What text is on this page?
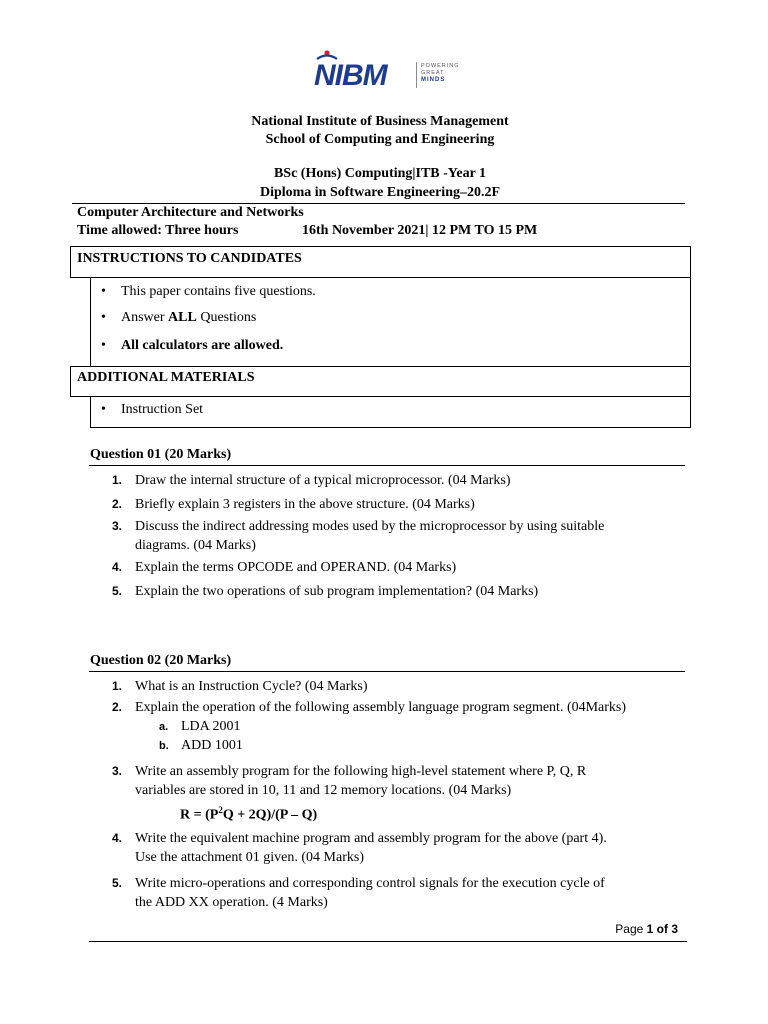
NIBM	POWERING
GREAT
MINDS
National Institute of Business Management
School of Computing and Engineering
BSc (Hons) Computing|ITB -Year 1
Diploma in Software Engineering–20.2F
Computer Architecture and Networks
Time allowed: Three hours	16th November 2021| 12 PM TO 15 PM
INSTRUCTIONS TO CANDIDATES
• This paper contains five questions.
• Answer ALL Questions
• All calculators are allowed.
ADDITIONAL MATERIALS
• Instruction Set
Question 01 (20 Marks)
1. Draw the internal structure of a typical microprocessor. (04 Marks)
2. Briefly explain 3 registers in the above structure. (04 Marks)
3. Discuss the indirect addressing modes used by the microprocessor by using suitable
diagrams. (04 Marks)
4. Explain the terms OPCODE and OPERAND. (04 Marks)
5. Explain the two operations of sub program implementation? (04 Marks)
Question 02 (20 Marks)
1. What is an Instruction Cycle? (04 Marks)
2. Explain the operation of the following assembly language program segment. (04Marks)
a. LDA 2001
b. ADD 1001
3. Write an assembly program for the following high-level statement where P, Q, R
variables are stored in 10, 11 and 12 memory locations. (04 Marks)
$R = (P^2Q + 2Q)/(P - Q)$
4. Write the equivalent machine program and assembly program for the above (part 4).
Use the attachment 01 given. (04 Marks)
5. Write micro-operations and corresponding control signals for the execution cycle of
the ADD XX operation. (4 Marks)
Page 1 of 3
